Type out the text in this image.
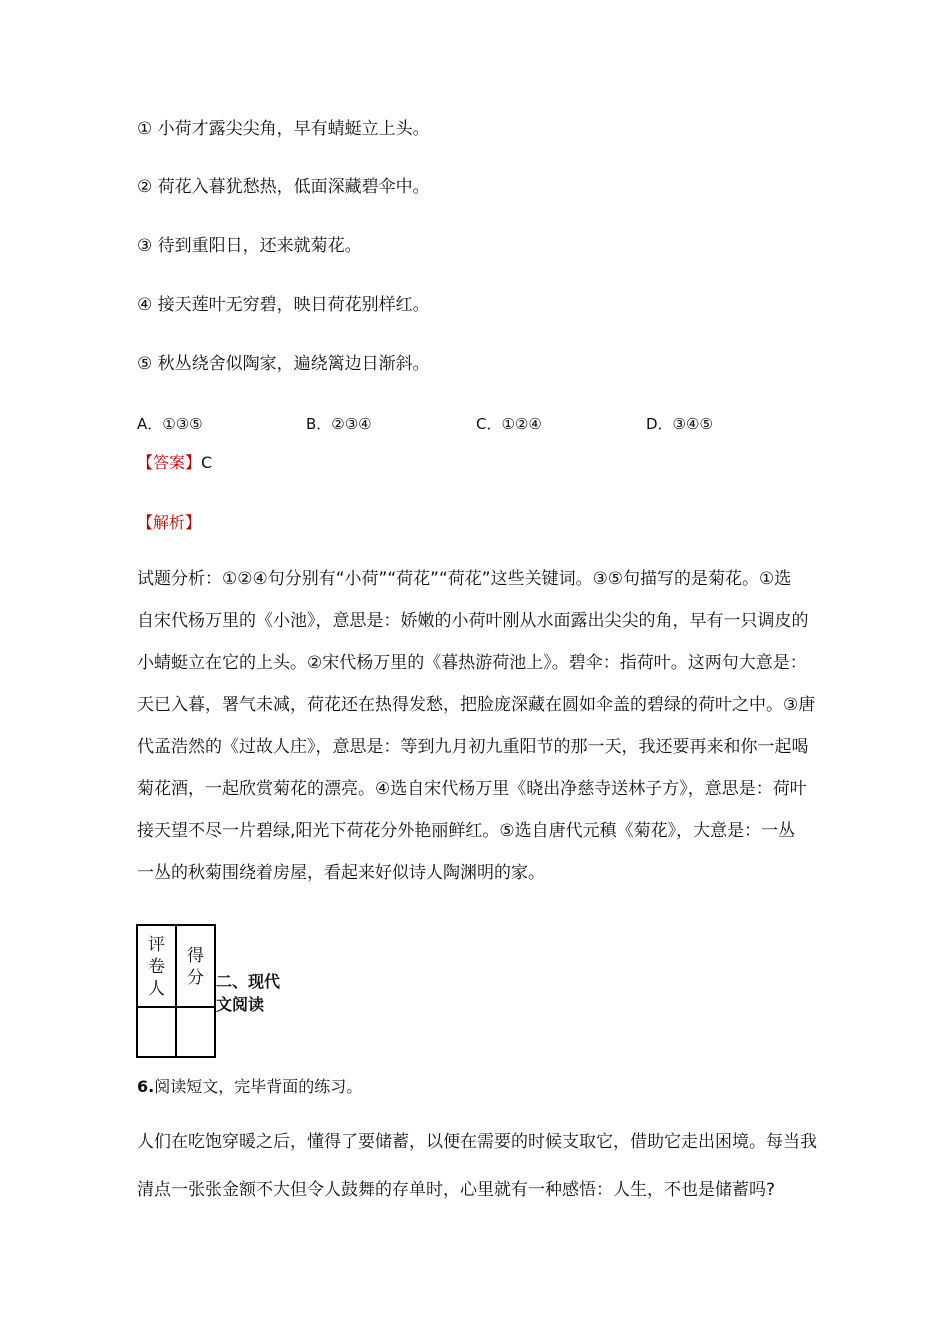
① 小荷才露尖尖角，早有蜻蜓立上头。
② 荷花入暮犹愁热，低面深藏碧伞中。
③ 待到重阳日，还来就菊花。
④ 接天莲叶无穷碧，映日荷花别样红。
⑤ 秋丛绕舍似陶家，遍绕篱边日渐斜。
A．①③⑤	B．②③④	C．①②④	D．③④⑤
【答案】C
【解析】

试题分析：①②④句分别有“小荷”“荷花”“荷花”这些关键词。③⑤句描写的是菊花。①选

自宋代杨万里的《小池》，意思是：娇嫩的小荷叶刚从水面露出尖尖的角，早有一只调皮的

小蜻蜓立在它的上头。②宋代杨万里的《暮热游荷池上》。碧伞：指荷叶。这两句大意是：

天已入暮，署气未减，荷花还在热得发愁，把脸庞深藏在圆如伞盖的碧绿的荷叶之中。③唐

代孟浩然的《过故人庄》，意思是：等到九月初九重阳节的那一天，我还要再来和你一起喝

菊花酒，一起欣赏菊花的漂亮。④选自宋代杨万里《晓出净慈寺送林子方》，意思是：荷叶

接天望不尽一片碧绿,阳光下荷花分外艳丽鲜红。⑤选自唐代元稹《菊花》，大意是：一丛

一丛的秋菊围绕着房屋，看起来好似诗人陶渊明的家。

评
卷
人	得
分

	二、现代
文阅读
6.阅读短文，完毕背面的练习。

人们在吃饱穿暖之后，懂得了要储蓄，以便在需要的时候支取它，借助它走出困境。每当我

清点一张张金额不大但令人鼓舞的存单时，心里就有一种感悟：人生，不也是储蓄吗?
